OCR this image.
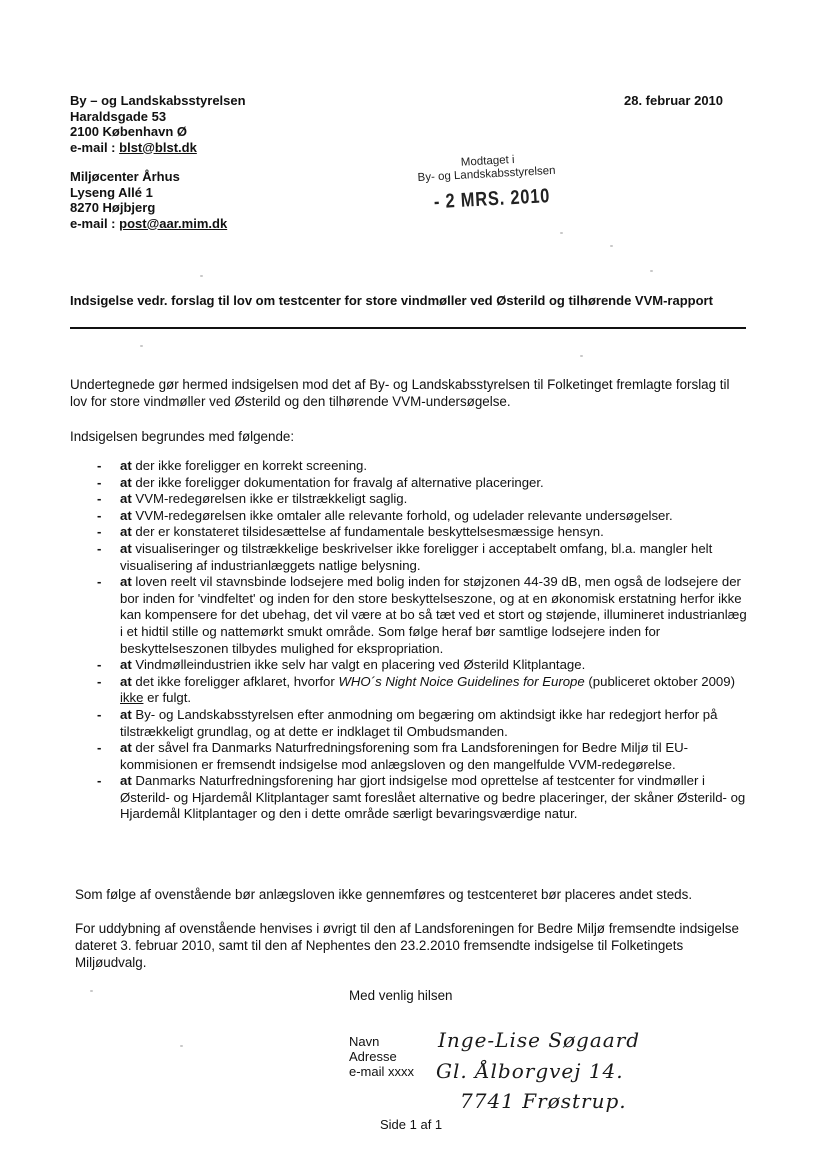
By – og Landskabsstyrelsen
Haraldsgade 53
2100 København Ø
e-mail : blst@blst.dk
28. februar 2010
Miljøcenter Århus
Lyseng Allé 1
8270 Højbjerg
e-mail : post@aar.mim.dk
Modtaget i
By- og Landskabsstyrelsen
- 2 MRS. 2010
Indsigelse vedr. forslag til lov om testcenter for store vindmøller ved Østerild og tilhørende VVM-rapport
Undertegnede gør hermed indsigelsen mod det af By- og Landskabsstyrelsen til Folketinget fremlagte forslag til lov for store vindmøller ved Østerild og den tilhørende VVM-undersøgelse.
Indsigelsen begrundes med følgende:
- at der ikke foreligger en korrekt screening.
- at der ikke foreligger dokumentation for fravalg af alternative placeringer.
- at VVM-redegørelsen ikke er tilstrækkeligt saglig.
- at VVM-redegørelsen ikke omtaler alle relevante forhold, og udelader relevante undersøgelser.
- at der er konstateret tilsidesættelse af fundamentale beskyttelsesmæssige hensyn.
- at visualiseringer og tilstrækkelige beskrivelser ikke foreligger i acceptabelt omfang, bl.a. mangler helt visualisering af industrianlæggets natlige belysning.
- at loven reelt vil stavnsbinde lodsejere med bolig inden for støjzonen 44-39 dB, men også de lodsejere der bor inden for 'vindfeltet' og inden for den store beskyttelseszone, og at en økonomisk erstatning herfor ikke kan kompensere for det ubehag, det vil være at bo så tæt ved et stort og støjende, illumineret industrianlæg i et hidtil stille og nattemørkt smukt område. Som følge heraf bør samtlige lodsejere inden for beskyttelseszonen tilbydes mulighed for ekspropriation.
- at Vindmølleindustrien ikke selv har valgt en placering ved Østerild Klitplantage.
- at det ikke foreligger afklaret, hvorfor WHO´s Night Noice Guidelines for Europe (publiceret oktober 2009) ikke er fulgt.
- at By- og Landskabsstyrelsen efter anmodning om begæring om aktindsigt ikke har redegjort herfor på tilstrækkeligt grundlag, og at dette er indklaget til Ombudsmanden.
- at der såvel fra Danmarks Naturfredningsforening som fra Landsforeningen for Bedre Miljø til EU-kommisionen er fremsendt indsigelse mod anlægsloven og den mangelfulde VVM-redegørelse.
- at Danmarks Naturfredningsforening har gjort indsigelse mod oprettelse af testcenter for vindmøller i Østerild- og Hjardemål Klitplantager samt foreslået alternative og bedre placeringer, der skåner Østerild- og Hjardemål Klitplantager og den i dette område særligt bevaringsværdige natur.
Som følge af ovenstående bør anlægsloven ikke gennemføres og testcenteret bør placeres andet steds.
For uddybning af ovenstående henvises i øvrigt til den af Landsforeningen for Bedre Miljø fremsendte indsigelse dateret 3. februar 2010, samt til den af Nephentes den 23.2.2010 fremsendte indsigelse til Folketingets Miljøudvalg.
Med venlig hilsen
Navn
Adresse
e-mail xxxx
Inge-Lise Søgaard
Gl. Ålborgvej 14.
7741 Frøstrup.
Side 1 af 1
